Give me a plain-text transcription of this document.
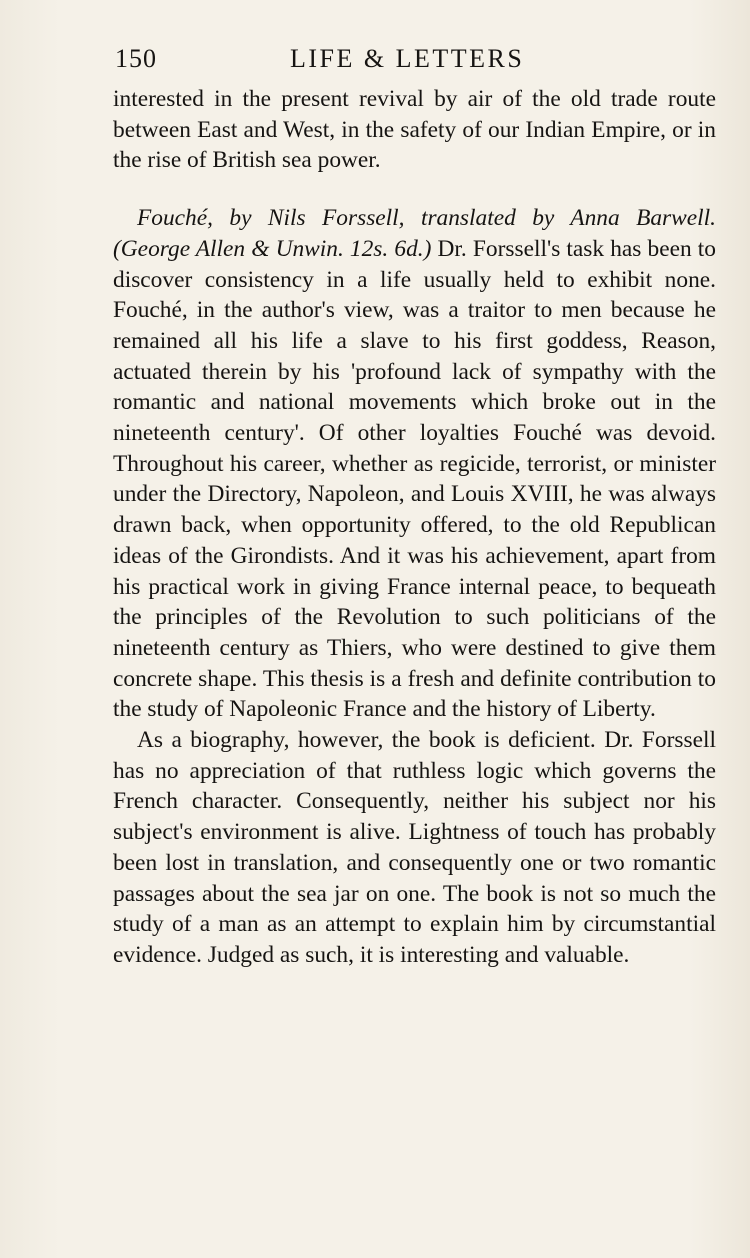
150	LIFE & LETTERS

interested in the present revival by air of the old trade route between East and West, in the safety of our Indian Empire, or in the rise of British sea power.

Fouché, by Nils Forssell, translated by Anna Barwell. (George Allen & Unwin. 12s. 6d.) Dr. Forssell's task has been to discover consistency in a life usually held to exhibit none. Fouché, in the author's view, was a traitor to men because he remained all his life a slave to his first goddess, Reason, actuated therein by his 'profound lack of sympathy with the romantic and national movements which broke out in the nineteenth century'. Of other loyalties Fouché was devoid. Throughout his career, whether as regicide, terrorist, or minister under the Directory, Napoleon, and Louis XVIII, he was always drawn back, when opportunity offered, to the old Republican ideas of the Girondists. And it was his achievement, apart from his practical work in giving France internal peace, to bequeath the principles of the Revolution to such politicians of the nineteenth century as Thiers, who were destined to give them concrete shape. This thesis is a fresh and definite contribution to the study of Napoleonic France and the history of Liberty.

As a biography, however, the book is deficient. Dr. Forssell has no appreciation of that ruthless logic which governs the French character. Consequently, neither his subject nor his subject's environment is alive. Lightness of touch has probably been lost in translation, and consequently one or two romantic passages about the sea jar on one. The book is not so much the study of a man as an attempt to explain him by circumstantial evidence. Judged as such, it is interesting and valuable.
